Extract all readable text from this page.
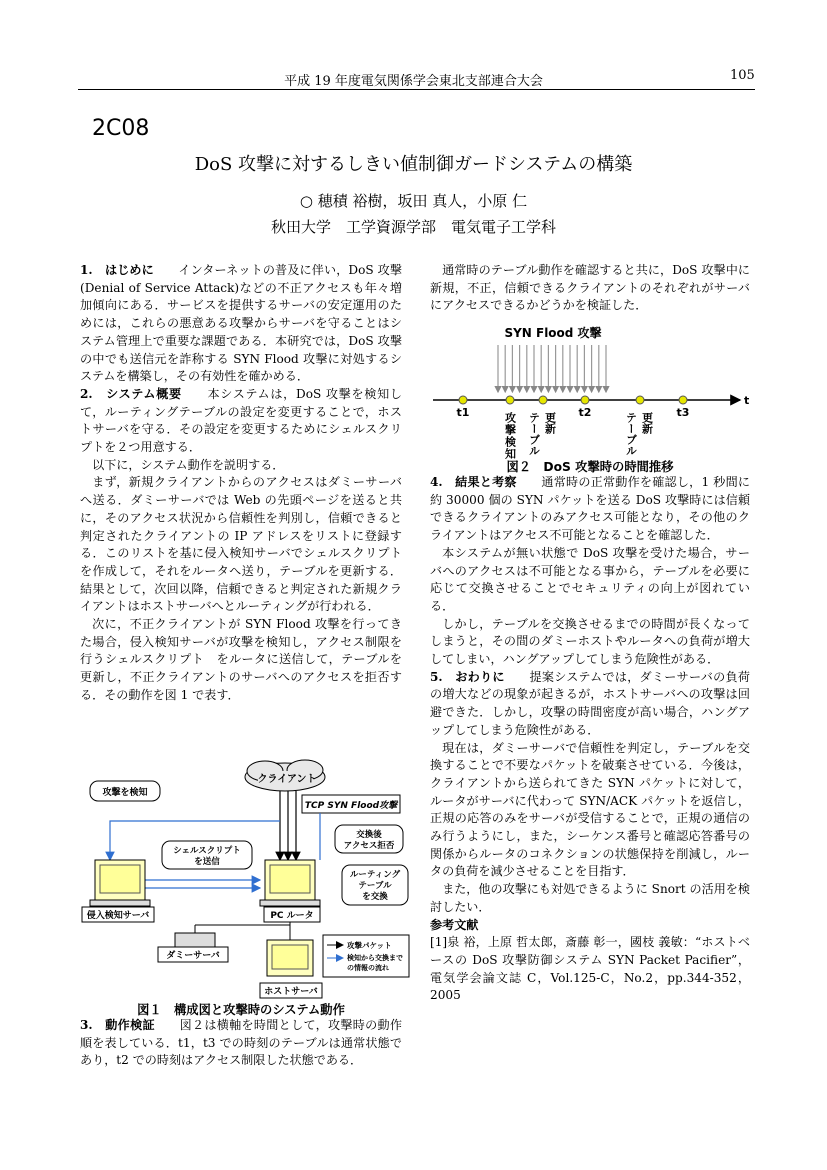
平成 19 年度電気関係学会東北支部連合大会	105
2C08
DoS 攻撃に対するしきい値制御ガードシステムの構築
○ 穂積 裕樹，坂田 真人，小原 仁
秋田大学　工学資源学部　電気電子工学科

1.　はじめに　　インターネットの普及に伴い，DoS 攻撃(Denial of Service Attack)などの不正アクセスも年々増加傾向にある．サービスを提供するサーバの安定運用のためには，これらの悪意ある攻撃からサーバを守ることはシステム管理上で重要な課題である．本研究では，DoS 攻撃の中でも送信元を詐称する SYN Flood 攻撃に対処するシステムを構築し，その有効性を確かめる．

2.　システム概要　　本システムは，DoS 攻撃を検知して，ルーティングテーブルの設定を変更することで，ホストサーバを守る．その設定を変更するためにシェルスクリプトを２つ用意する．

以下に，システム動作を説明する．

まず，新規クライアントからのアクセスはダミーサーバへ送る．ダミーサーバでは Web の先頭ページを送ると共に，そのアクセス状況から信頼性を判別し，信頼できると判定されたクライアントの IP アドレスをリストに登録する．このリストを基に侵入検知サーバでシェルスクリプト　を作成して，それをルータへ送り，テーブルを更新する．結果として，次回以降，信頼できると判定された新規クライアントはホストサーバへとルーティングが行われる．

次に，不正クライアントが SYN Flood 攻撃を行ってきた場合，侵入検知サーバが攻撃を検知し，アクセス制限を行うシェルスクリプト　をルータに送信して，テーブルを更新し，不正クライアントのサーバへのアクセスを拒否する．その動作を図 1 で表す．

クライアント
攻撃を検知
TCP SYN Flood攻撃
交換後
アクセス拒否
シェルスクリプト
を送信
ルーティング
テーブル
を交換
侵入検知サーバ	PC ルータ
ダミーサーバ
ホストサーバ
攻撃パケット
検知から交換まで
の情報の流れ
図１　構成図と攻撃時のシステム動作

3.　動作検証　　図２は横軸を時間として，攻撃時の動作順を表している．t1，t3 での時刻のテーブルは通常状態であり，t2 での時刻はアクセス制限した状態である．

通常時のテーブル動作を確認すると共に，DoS 攻撃中に新規，不正，信頼できるクライアントのそれぞれがサーバにアクセスできるかどうかを検証した．

SYN Flood 攻撃
t
t1	t2	t3
攻撃検知 テーブル 更新	テーブル 更新
図２　DoS 攻撃時の時間推移

4.　結果と考察　　通常時の正常動作を確認し，1 秒間に約 30000 個の SYN パケットを送る DoS 攻撃時には信頼できるクライアントのみアクセス可能となり，その他のクライアントはアクセス不可能となることを確認した．

本システムが無い状態で DoS 攻撃を受けた場合，サーバへのアクセスは不可能となる事から，テーブルを必要に応じて交換させることでセキュリティの向上が図れている．

しかし，テーブルを交換させるまでの時間が長くなってしまうと，その間のダミーホストやルータへの負荷が増大してしまい，ハングアップしてしまう危険性がある．

5.　おわりに　　提案システムでは，ダミーサーバの負荷の増大などの現象が起きるが，ホストサーバへの攻撃は回避できた．しかし，攻撃の時間密度が高い場合，ハングアップしてしまう危険性がある．

現在は，ダミーサーバで信頼性を判定し，テーブルを交換することで不要なパケットを破棄させている．今後は，クライアントから送られてきた SYN パケットに対して，ルータがサーバに代わって SYN/ACK パケットを返信し，正規の応答のみをサーバが受信することで，正規の通信のみ行うようにし，また，シーケンス番号と確認応答番号の関係からルータのコネクションの状態保持を削減し，ルータの負荷を減少させることを目指す．

また，他の攻撃にも対処できるように Snort の活用を検討したい．

参考文献

[1]泉 裕，上原 哲太郎，斎藤 彰一，國枝 義敏：“ホストベースの DoS 攻撃防御システム SYN Packet Pacifier”，電気学会論文誌 C，Vol.125-C，No.2，pp.344-352，2005
